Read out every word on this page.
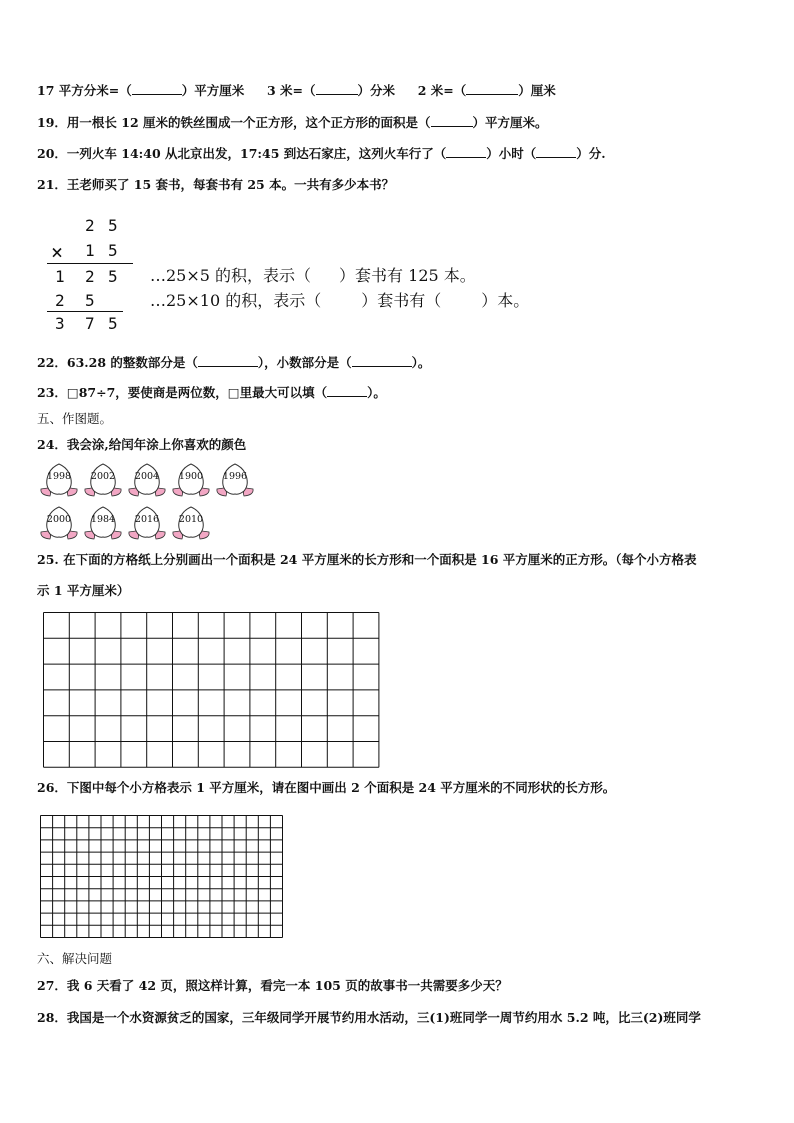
17 平方分米=（	）平方厘米 3 米=（	）分米 2 米=（	）厘米
19．用一根长 12 厘米的铁丝围成一个正方形，这个正方形的面积是（	）平方厘米。
20．一列火车 14:40 从北京出发，17:45 到达石家庄，这列火车行了（	）小时（	）分.
21．王老师买了 15 套书，每套书有 25 本。一共有多少本书？
2 5
× 1 5
1 2 5
2 5
3 7 5
…25×5 的积，表示（ ）套书有 125 本。
…25×10 的积，表示（	）套书有（	）本。
22．63.28 的整数部分是（	），小数部分是（	）。
23．□87÷7，要使商是两位数，□里最大可以填（	）。
五、作图题。
24．我会涂,给闰年涂上你喜欢的颜色
1998	2002	2004	1900	1996
2000	1984	2016	2010
25. 在下面的方格纸上分别画出一个面积是 24 平方厘米的长方形和一个面积是 16 平方厘米的正方形。（每个小方格表
示 1 平方厘米）
26．下图中每个小方格表示 1 平方厘米，请在图中画出 2 个面积是 24 平方厘米的不同形状的长方形。
六、解决问题
27．我 6 天看了 42 页，照这样计算，看完一本 105 页的故事书一共需要多少天？
28．我国是一个水资源贫乏的国家，三年级同学开展节约用水活动，三(1)班同学一周节约用水 5.2 吨，比三(2)班同学
